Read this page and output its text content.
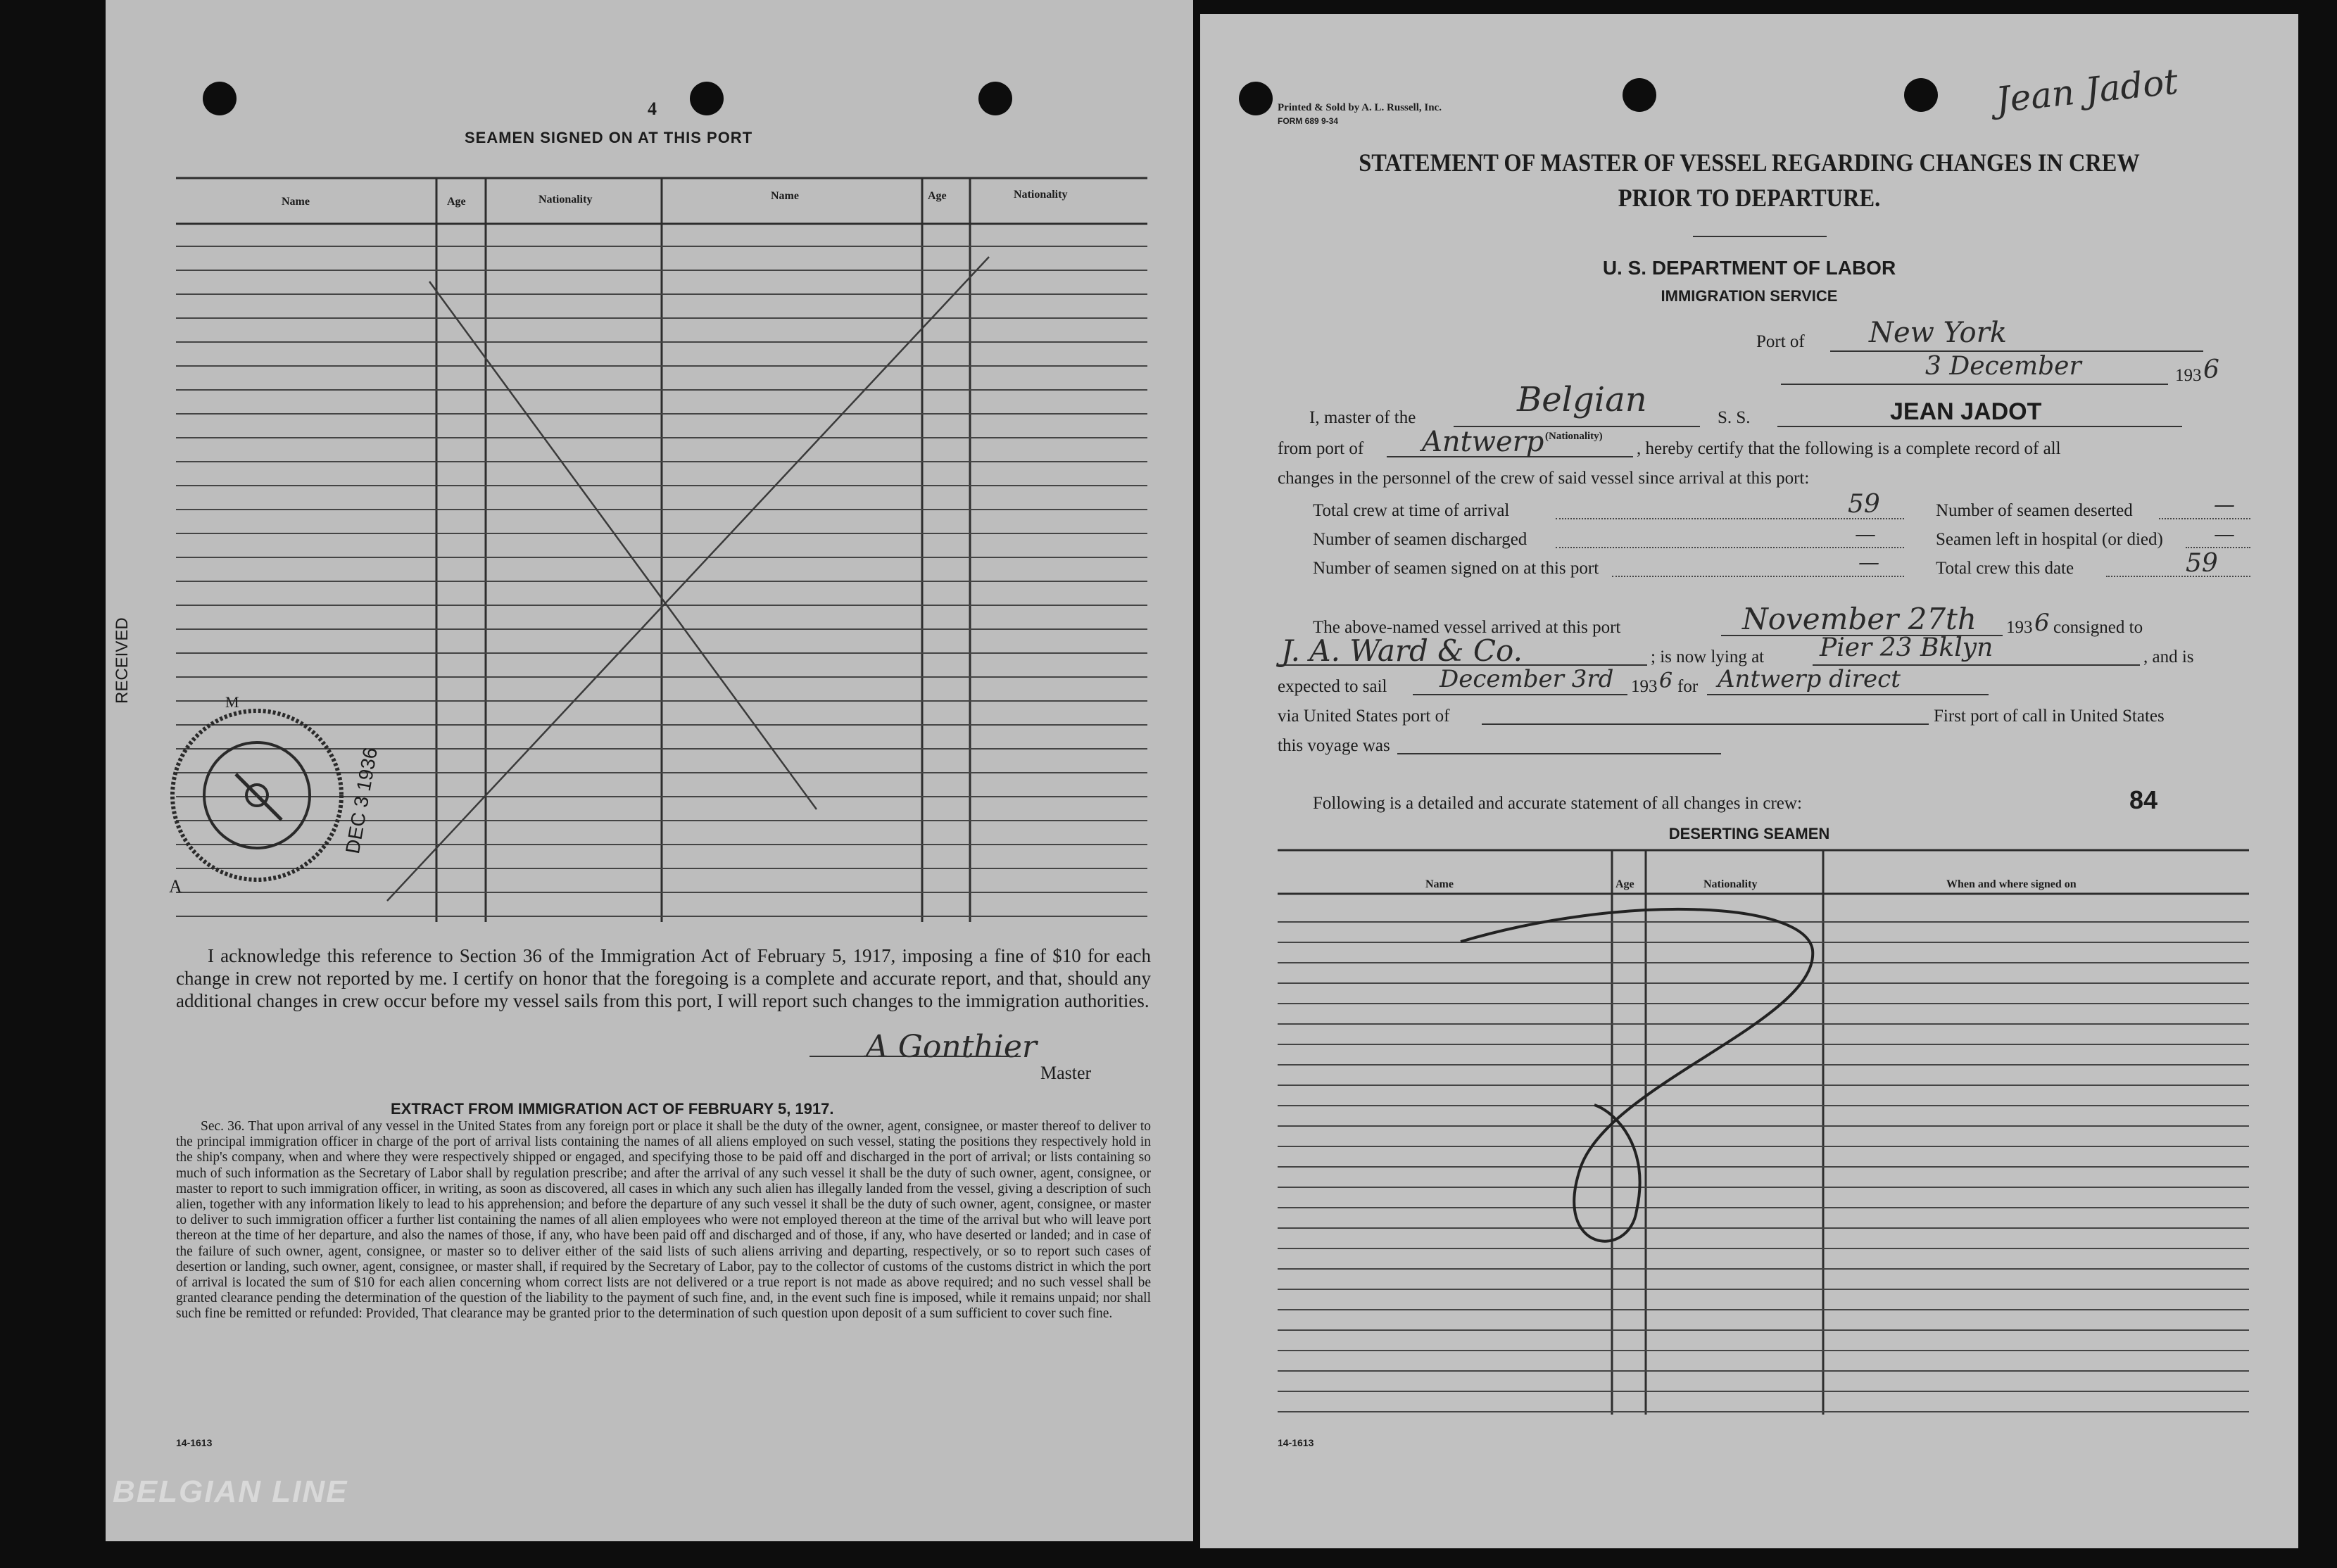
4
SEAMEN SIGNED ON AT THIS PORT
Name	Age	Nationality	Name	Age	Nationality
RECEIVED
A
M
DEC 3 1936
I acknowledge this reference to Section 36 of the Immigration Act of February 5, 1917, imposing a fine of $10 for each change in crew not reported by me. I certify on honor that the foregoing is a complete and accurate report, and that, should any additional changes in crew occur before my vessel sails from this port, I will report such changes to the immigration authorities.
A Gonthier
Master
EXTRACT FROM IMMIGRATION ACT OF FEBRUARY 5, 1917.
Sec. 36. That upon arrival of any vessel in the United States from any foreign port or place it shall be the duty of the owner, agent, consignee, or master thereof to deliver to the principal immigration officer in charge of the port of arrival lists containing the names of all aliens employed on such vessel, stating the positions they respectively hold in the ship's company, when and where they were respectively shipped or engaged, and specifying those to be paid off and discharged in the port of arrival; or lists containing so much of such information as the Secretary of Labor shall by regulation prescribe; and after the arrival of any such vessel it shall be the duty of such owner, agent, consignee, or master to report to such immigration officer, in writing, as soon as discovered, all cases in which any such alien has illegally landed from the vessel, giving a description of such alien, together with any information likely to lead to his apprehension; and before the departure of any such vessel it shall be the duty of such owner, agent, consignee, or master to deliver to such immigration officer a further list containing the names of all alien employees who were not employed thereon at the time of the arrival but who will leave port thereon at the time of her departure, and also the names of those, if any, who have been paid off and discharged and of those, if any, who have deserted or landed; and in case of the failure of such owner, agent, consignee, or master so to deliver either of the said lists of such aliens arriving and departing, respectively, or so to report such cases of desertion or landing, such owner, agent, consignee, or master shall, if required by the Secretary of Labor, pay to the collector of customs of the customs district in which the port of arrival is located the sum of $10 for each alien concerning whom correct lists are not delivered or a true report is not made as above required; and no such vessel shall be granted clearance pending the determination of the question of the liability to the payment of such fine, and, in the event such fine is imposed, while it remains unpaid; nor shall such fine be remitted or refunded: Provided, That clearance may be granted prior to the determination of such question upon deposit of a sum sufficient to cover such fine.
14-1613
BELGIAN LINE
Printed & Sold by A. L. Russell, Inc.
FORM 689 9-34
Jean Jadot
STATEMENT OF MASTER OF VESSEL REGARDING CHANGES IN CREW
PRIOR TO DEPARTURE.
U. S. DEPARTMENT OF LABOR
IMMIGRATION SERVICE
Port of New York
3 December	193 6
I, master of the	Belgian
(Nationality)
S. S.	JEAN JADOT
from port of Antwerp	, hereby certify that the following is a complete record of all
changes in the personnel of the crew of said vessel since arrival at this port:
Total crew at time of arrival	59	Number of seamen deserted	—
Number of seamen discharged	—	Seamen left in hospital (or died) —
Number of seamen signed on at this port	—	Total crew this date	59
The above-named vessel arrived at this port	November 27th 193 6 consigned to
J. A. Ward & Co.	; is now lying at Pier 23 Bklyn	, and is
expected to sail December 3rd 193 6 for Antwerp direct
via United States port of	First port of call in United States
this voyage was
Following is a detailed and accurate statement of all changes in crew:	84
DESERTING SEAMEN
Name	Age	Nationality	When and where signed on
14-1613
